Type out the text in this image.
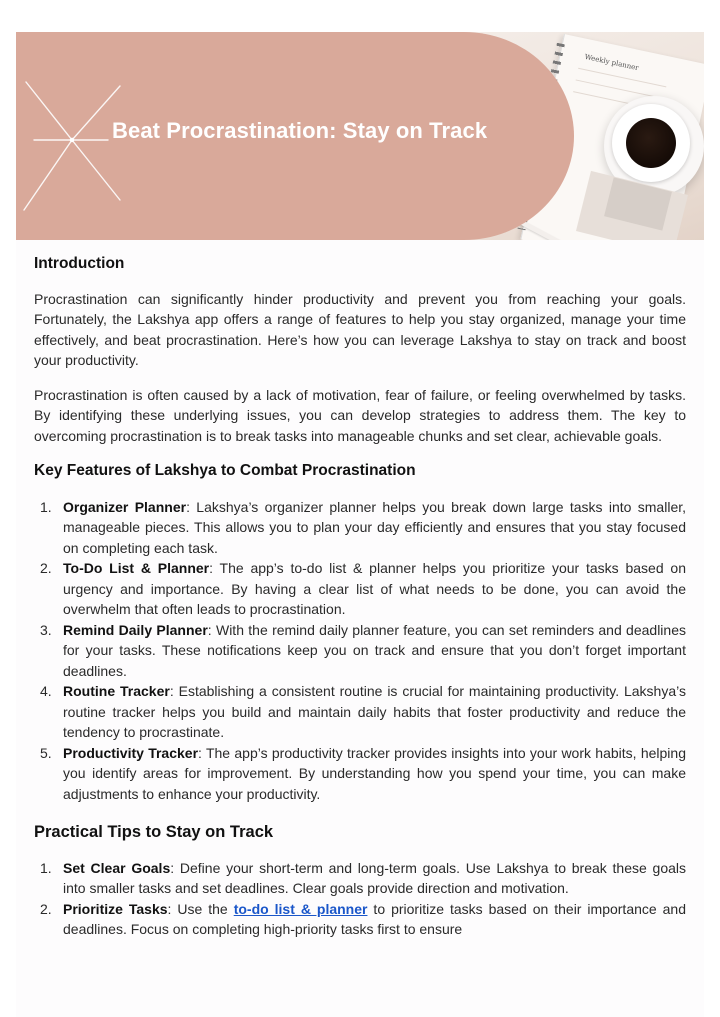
Weekly planner
Beat Procrastination: Stay on Track
Introduction

Procrastination can significantly hinder productivity and prevent you from reaching your goals. Fortunately, the Lakshya app offers a range of features to help you stay organized, manage your time effectively, and beat procrastination. Here’s how you can leverage Lakshya to stay on track and boost your productivity.

Procrastination is often caused by a lack of motivation, fear of failure, or feeling overwhelmed by tasks. By identifying these underlying issues, you can develop strategies to address them. The key to overcoming procrastination is to break tasks into manageable chunks and set clear, achievable goals.

Key Features of Lakshya to Combat Procrastination
1. Organizer Planner: Lakshya’s organizer planner helps you break down large tasks into smaller, manageable pieces. This allows you to plan your day efficiently and ensures that you stay focused on completing each task.
2. To-Do List & Planner: The app’s to-do list & planner helps you prioritize your tasks based on urgency and importance. By having a clear list of what needs to be done, you can avoid the overwhelm that often leads to procrastination.
3. Remind Daily Planner: With the remind daily planner feature, you can set reminders and deadlines for your tasks. These notifications keep you on track and ensure that you don’t forget important deadlines.
4. Routine Tracker: Establishing a consistent routine is crucial for maintaining productivity. Lakshya’s routine tracker helps you build and maintain daily habits that foster productivity and reduce the tendency to procrastinate.
5. Productivity Tracker: The app’s productivity tracker provides insights into your work habits, helping you identify areas for improvement. By understanding how you spend your time, you can make adjustments to enhance your productivity.
Practical Tips to Stay on Track
1. Set Clear Goals: Define your short-term and long-term goals. Use Lakshya to break these goals into smaller tasks and set deadlines. Clear goals provide direction and motivation.
2. Prioritize Tasks: Use the to-do list & planner to prioritize tasks based on their importance and deadlines. Focus on completing high-priority tasks first to ensure
